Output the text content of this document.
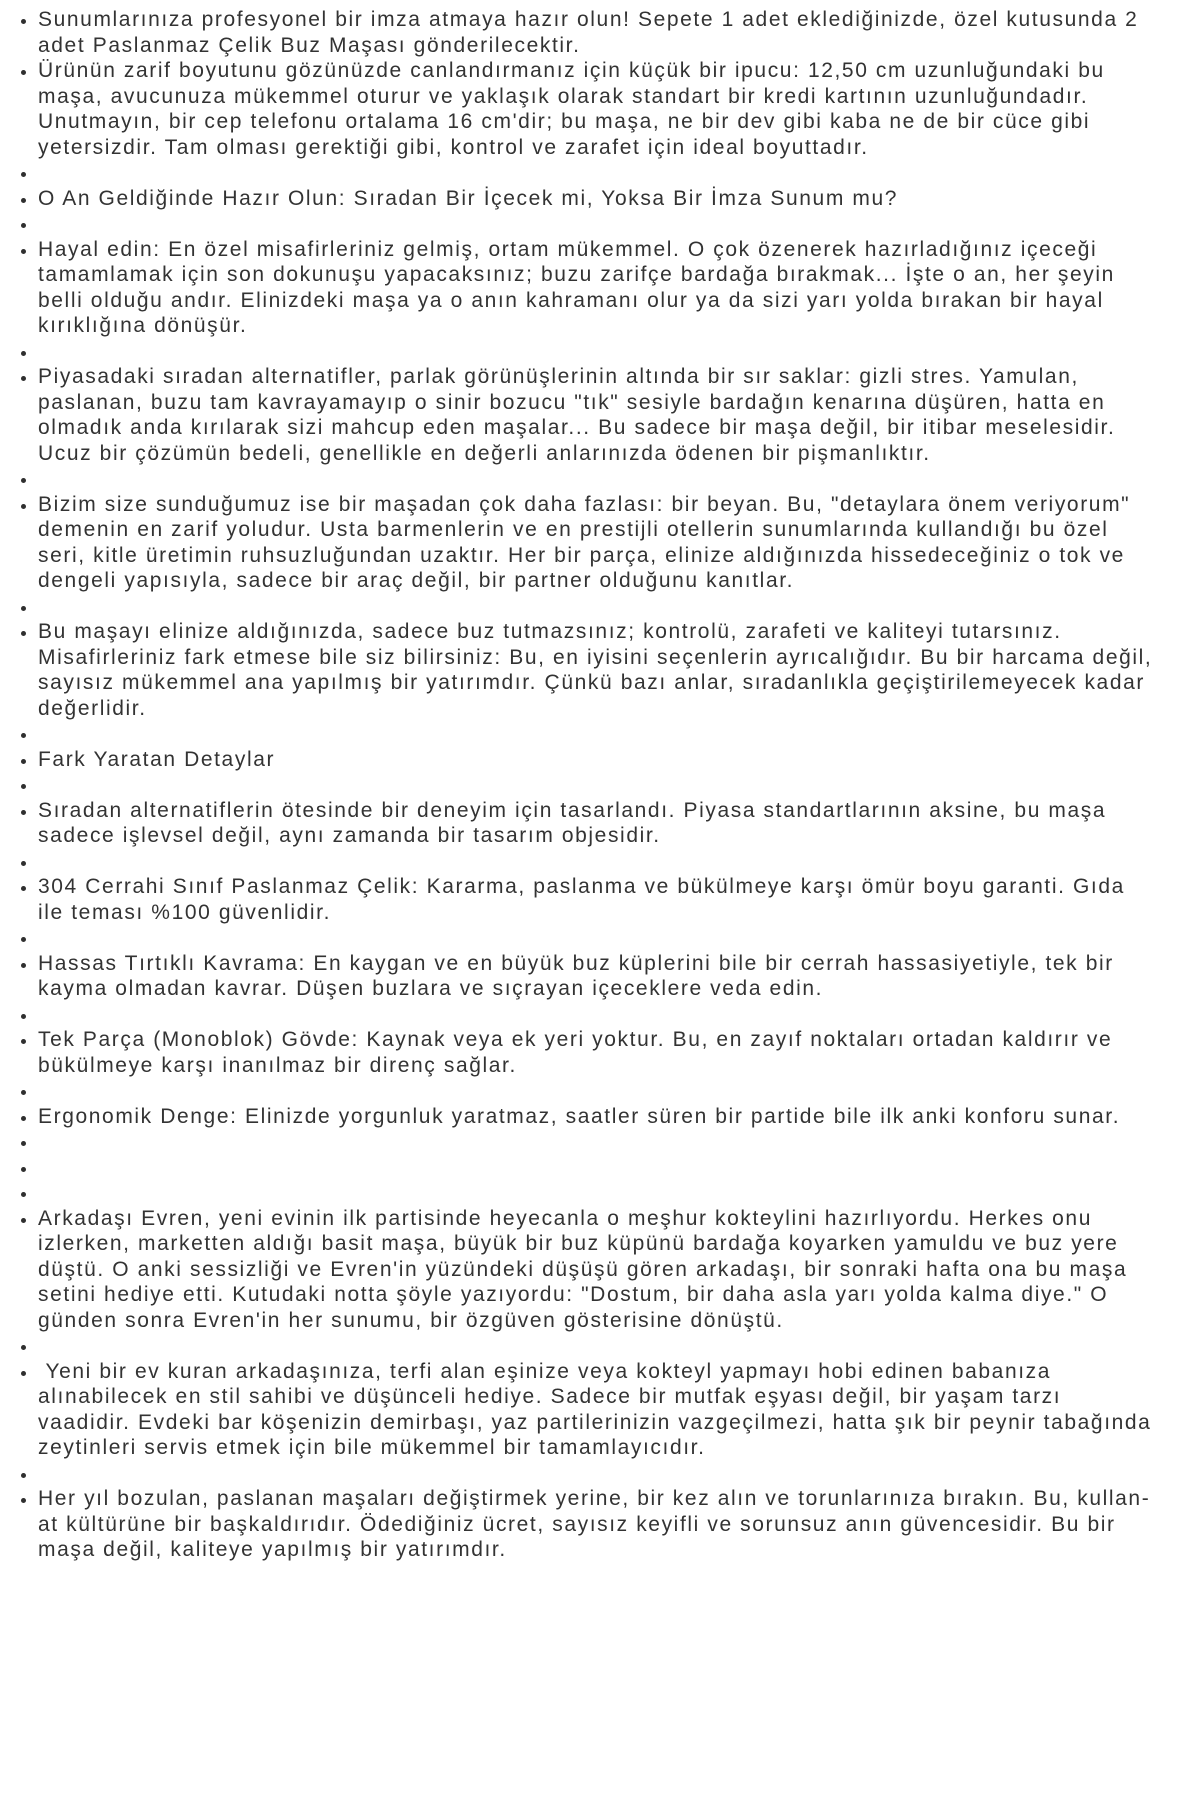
• Sunumlarınıza profesyonel bir imza atmaya hazır olun! Sepete 1 adet eklediğinizde, özel kutusunda 2 adet Paslanmaz Çelik Buz Maşası gönderilecektir.
• Ürünün zarif boyutunu gözünüzde canlandırmanız için küçük bir ipucu: 12,50 cm uzunluğundaki bu maşa, avucunuza mükemmel oturur ve yaklaşık olarak standart bir kredi kartının uzunluğundadır. Unutmayın, bir cep telefonu ortalama 16 cm'dir; bu maşa, ne bir dev gibi kaba ne de bir cüce gibi yetersizdir. Tam olması gerektiği gibi, kontrol ve zarafet için ideal boyuttadır.
•
• O An Geldiğinde Hazır Olun: Sıradan Bir İçecek mi, Yoksa Bir İmza Sunum mu?
•
• Hayal edin: En özel misafirleriniz gelmiş, ortam mükemmel. O çok özenerek hazırladığınız içeceği tamamlamak için son dokunuşu yapacaksınız; buzu zarifçe bardağa bırakmak... İşte o an, her şeyin belli olduğu andır. Elinizdeki maşa ya o anın kahramanı olur ya da sizi yarı yolda bırakan bir hayal kırıklığına dönüşür.
•
• Piyasadaki sıradan alternatifler, parlak görünüşlerinin altında bir sır saklar: gizli stres. Yamulan, paslanan, buzu tam kavrayamayıp o sinir bozucu "tık" sesiyle bardağın kenarına düşüren, hatta en olmadık anda kırılarak sizi mahcup eden maşalar... Bu sadece bir maşa değil, bir itibar meselesidir. Ucuz bir çözümün bedeli, genellikle en değerli anlarınızda ödenen bir pişmanlıktır.
•
• Bizim size sunduğumuz ise bir maşadan çok daha fazlası: bir beyan. Bu, "detaylara önem veriyorum" demenin en zarif yoludur. Usta barmenlerin ve en prestijli otellerin sunumlarında kullandığı bu özel seri, kitle üretimin ruhsuzluğundan uzaktır. Her bir parça, elinize aldığınızda hissedeceğiniz o tok ve dengeli yapısıyla, sadece bir araç değil, bir partner olduğunu kanıtlar.
•
• Bu maşayı elinize aldığınızda, sadece buz tutmazsınız; kontrolü, zarafeti ve kaliteyi tutarsınız. Misafirleriniz fark etmese bile siz bilirsiniz: Bu, en iyisini seçenlerin ayrıcalığıdır. Bu bir harcama değil, sayısız mükemmel ana yapılmış bir yatırımdır. Çünkü bazı anlar, sıradanlıkla geçiştirilemeyecek kadar değerlidir.
•
• Fark Yaratan Detaylar
•
• Sıradan alternatiflerin ötesinde bir deneyim için tasarlandı. Piyasa standartlarının aksine, bu maşa sadece işlevsel değil, aynı zamanda bir tasarım objesidir.
•
• 304 Cerrahi Sınıf Paslanmaz Çelik: Kararma, paslanma ve bükülmeye karşı ömür boyu garanti. Gıda ile teması %100 güvenlidir.
•
• Hassas Tırtıklı Kavrama: En kaygan ve en büyük buz küplerini bile bir cerrah hassasiyetiyle, tek bir kayma olmadan kavrar. Düşen buzlara ve sıçrayan içeceklere veda edin.
•
• Tek Parça (Monoblok) Gövde: Kaynak veya ek yeri yoktur. Bu, en zayıf noktaları ortadan kaldırır ve bükülmeye karşı inanılmaz bir direnç sağlar.
•
• Ergonomik Denge: Elinizde yorgunluk yaratmaz, saatler süren bir partide bile ilk anki konforu sunar.
•
•
•
• Arkadaşı Evren, yeni evinin ilk partisinde heyecanla o meşhur kokteylini hazırlıyordu. Herkes onu izlerken, marketten aldığı basit maşa, büyük bir buz küpünü bardağa koyarken yamuldu ve buz yere düştü. O anki sessizliği ve Evren'in yüzündeki düşüşü gören arkadaşı, bir sonraki hafta ona bu maşa setini hediye etti. Kutudaki notta şöyle yazıyordu: "Dostum, bir daha asla yarı yolda kalma diye." O günden sonra Evren'in her sunumu, bir özgüven gösterisine dönüştü.
•
•  Yeni bir ev kuran arkadaşınıza, terfi alan eşinize veya kokteyl yapmayı hobi edinen babanıza alınabilecek en stil sahibi ve düşünceli hediye. Sadece bir mutfak eşyası değil, bir yaşam tarzı vaadidir. Evdeki bar köşenizin demirbaşı, yaz partilerinizin vazgeçilmezi, hatta şık bir peynir tabağında zeytinleri servis etmek için bile mükemmel bir tamamlayıcıdır.
•
• Her yıl bozulan, paslanan maşaları değiştirmek yerine, bir kez alın ve torunlarınıza bırakın. Bu, kullan-at kültürüne bir başkaldırıdır. Ödediğiniz ücret, sayısız keyifli ve sorunsuz anın güvencesidir. Bu bir maşa değil, kaliteye yapılmış bir yatırımdır.
